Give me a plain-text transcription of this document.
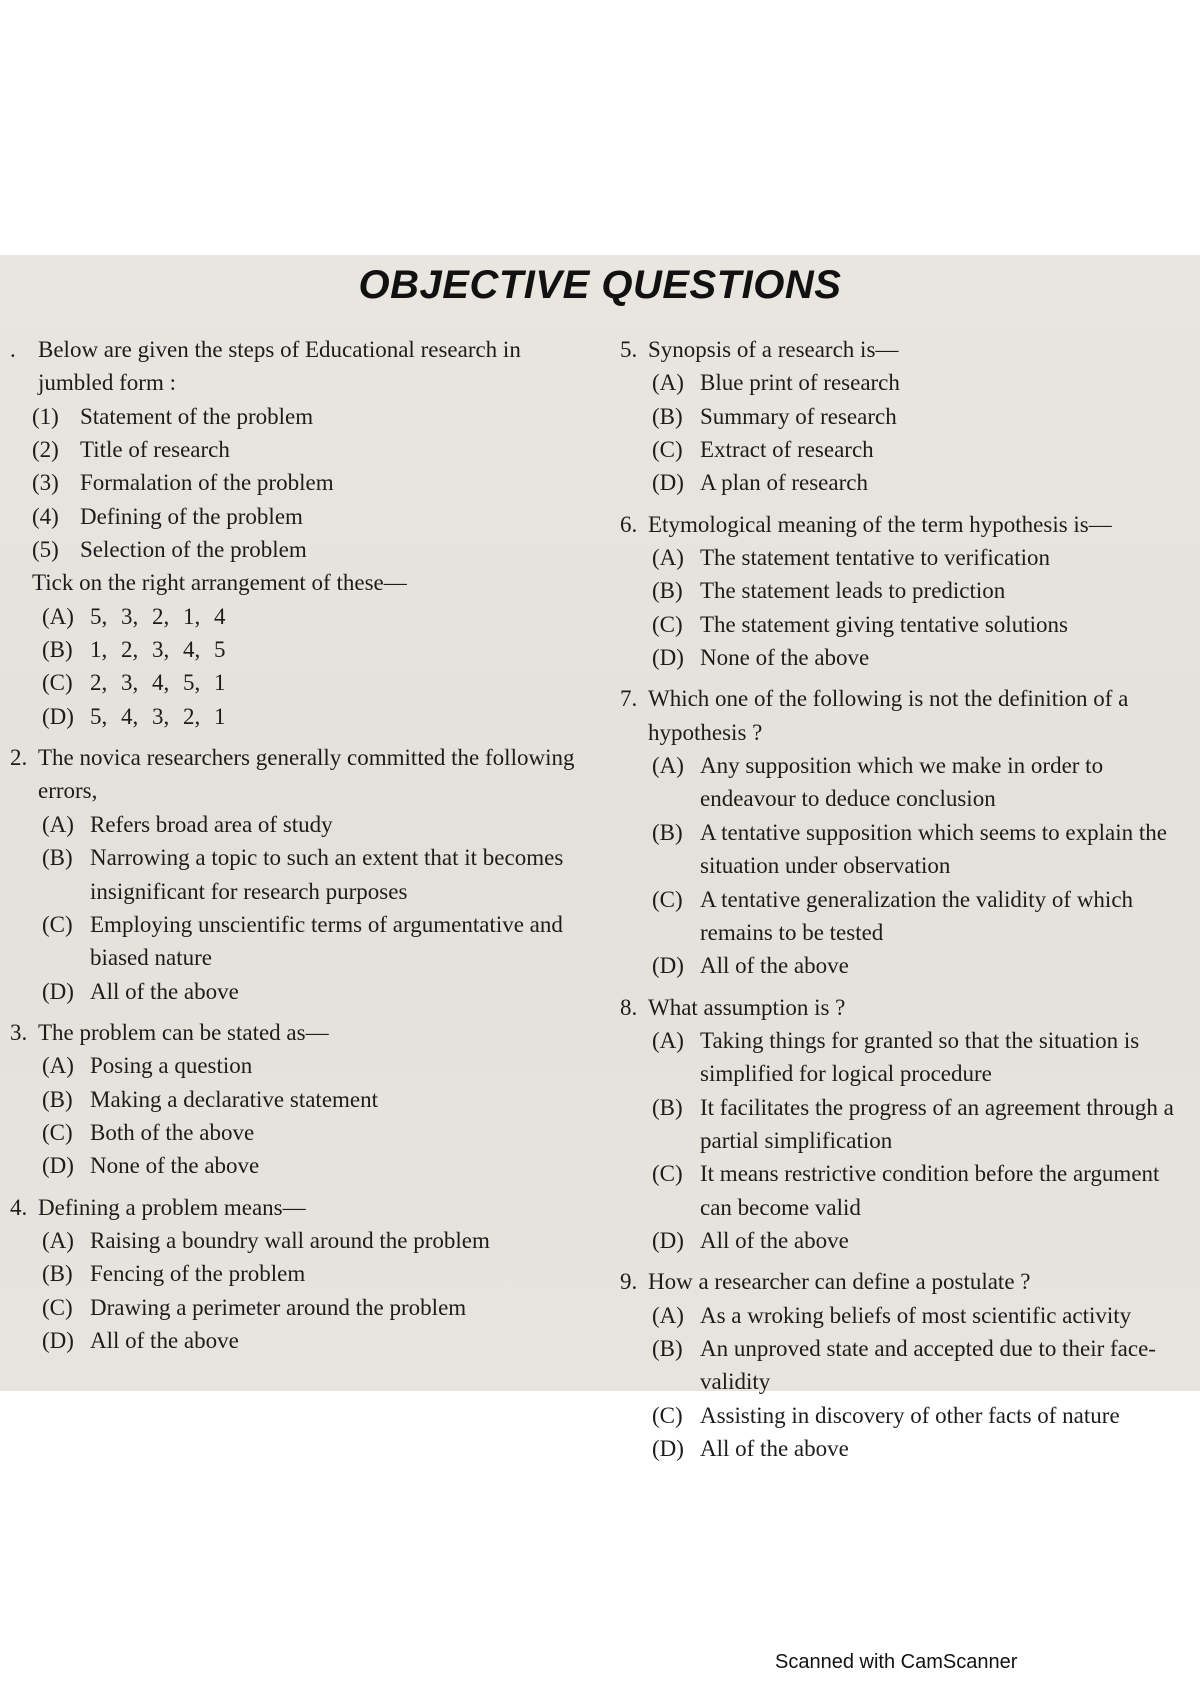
OBJECTIVE QUESTIONS
. Below are given the steps of Educational research in jumbled form :
(1) Statement of the problem
(2) Title of research
(3) Formalation of the problem
(4) Defining of the problem
(5) Selection of the problem
Tick on the right arrangement of these—
(A) 5, 3, 2, 1, 4
(B) 1, 2, 3, 4, 5
(C) 2, 3, 4, 5, 1
(D) 5, 4, 3, 2, 1
2. The novica researchers generally committed the following errors,
(A) Refers broad area of study
(B) Narrowing a topic to such an extent that it becomes insignificant for research purposes
(C) Employing unscientific terms of argumentative and biased nature
(D) All of the above
3. The problem can be stated as—
(A) Posing a question
(B) Making a declarative statement
(C) Both of the above
(D) None of the above
4. Defining a problem means—
(A) Raising a boundry wall around the problem
(B) Fencing of the problem
(C) Drawing a perimeter around the problem
(D) All of the above
5. Synopsis of a research is—
(A) Blue print of research
(B) Summary of research
(C) Extract of research
(D) A plan of research
6. Etymological meaning of the term hypothesis is—
(A) The statement tentative to verification
(B) The statement leads to prediction
(C) The statement giving tentative solutions
(D) None of the above
7. Which one of the following is not the definition of a hypothesis ?
(A) Any supposition which we make in order to endeavour to deduce conclusion
(B) A tentative supposition which seems to explain the situation under observation
(C) A tentative generalization the validity of which remains to be tested
(D) All of the above
8. What assumption is ?
(A) Taking things for granted so that the situation is simplified for logical procedure
(B) It facilitates the progress of an agreement through a partial simplification
(C) It means restrictive condition before the argument can become valid
(D) All of the above
9. How a researcher can define a postulate ?
(A) As a wroking beliefs of most scientific activity
(B) An unproved state and accepted due to their face-validity
(C) Assisting in discovery of other facts of nature
(D) All of the above
Scanned with CamScanner
